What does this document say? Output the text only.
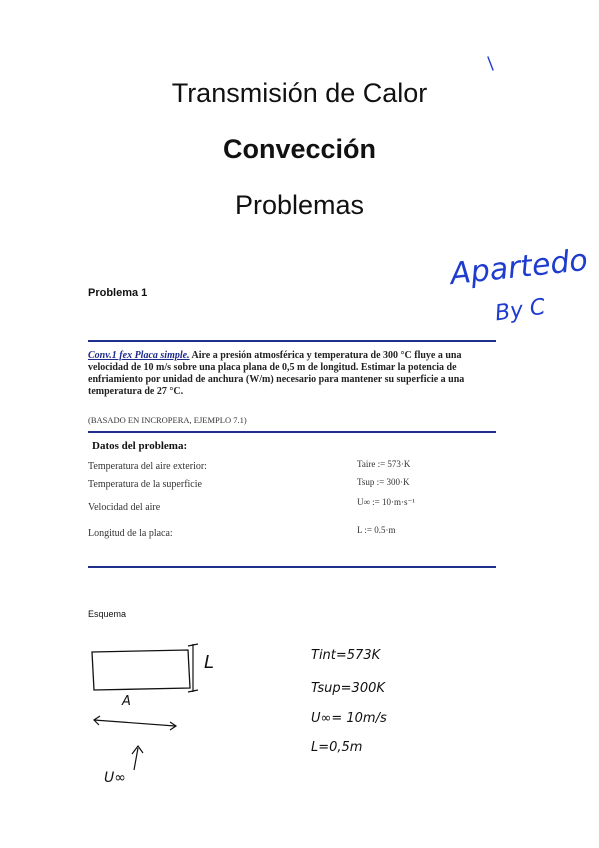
Transmisión de Calor
Convección
Problemas
Apartedo
By C
Problema 1
Conv.1 fex Placa simple. Aire a presión atmosférica y temperatura de 300 °C fluye a una velocidad de 10 m/s sobre una placa plana de 0,5 m de longitud. Estimar la potencia de enfriamiento por unidad de anchura (W/m) necesario para mantener su superficie a una temperatura de 27 °C.
(BASADO EN INCROPERA, EJEMPLO 7.1)
Datos del problema:
Temperatura del aire exterior:	Taire := 573·K
Temperatura de la superficie	Tsup := 300·K
Velocidad del aire	U∞ := 10·m·s⁻¹
Longitud de la placa:	L := 0.5·m
Esquema
L
A
U∞
Tint=573K
Tsup=300K
U∞= 10m/s
L=0,5m
